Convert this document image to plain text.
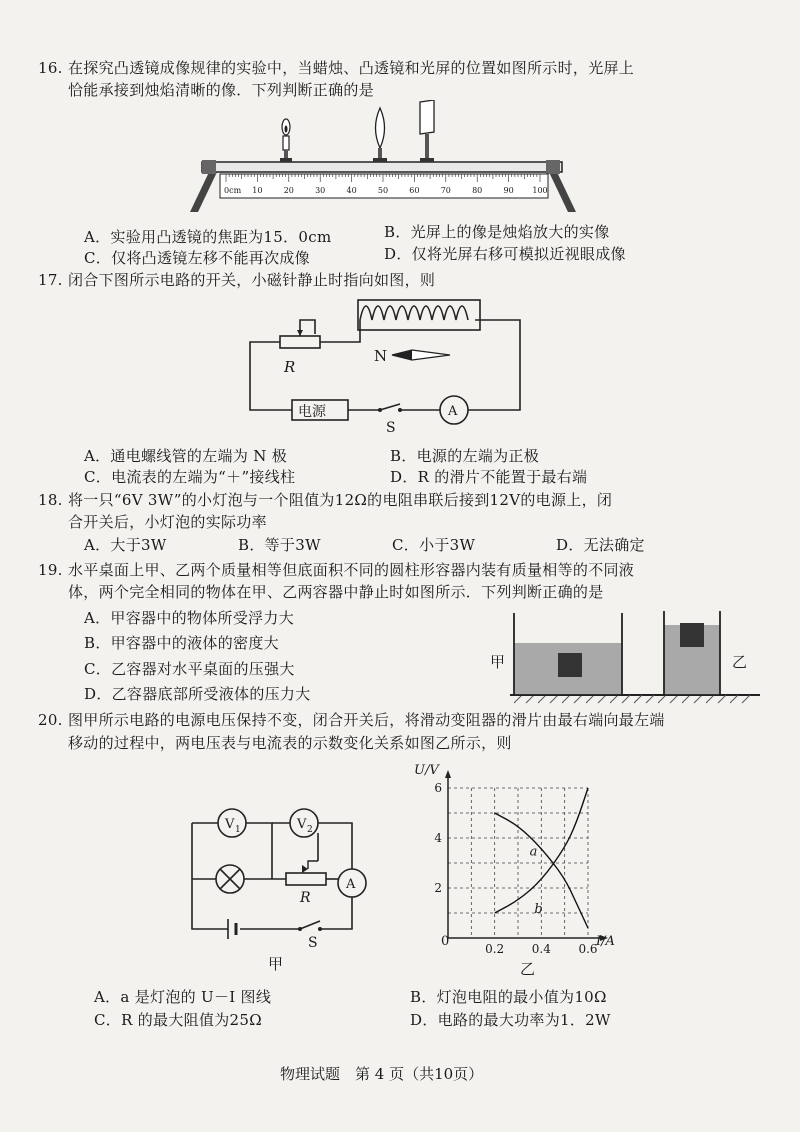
16. 在探究凸透镜成像规律的实验中，当蜡烛、凸透镜和光屏的位置如图所示时，光屏上
恰能承接到烛焰清晰的像．下列判断正确的是
0cm 10	20	30	40	50	60	70	80	90 100
A．实验用凸透镜的焦距为15．0cm	B．光屏上的像是烛焰放大的实像
C．仅将凸透镜左移不能再次成像	D．仅将光屏右移可模拟近视眼成像
17. 闭合下图所示电路的开关，小磁针静止时指向如图，则
R
N
电源
S
A
A．通电螺线管的左端为 N 极	B．电源的左端为正极
C．电流表的左端为“＋”接线柱	D．R 的滑片不能置于最右端
18. 将一只“6V 3W”的小灯泡与一个阻值为12Ω的电阻串联后接到12V的电源上，闭
合开关后，小灯泡的实际功率
A．大于3W	B．等于3W	C．小于3W	D．无法确定
19. 水平桌面上甲、乙两个质量相等但底面积不同的圆柱形容器内装有质量相等的不同液
体，两个完全相同的物体在甲、乙两容器中静止时如图所示．下列判断正确的是
A．甲容器中的物体所受浮力大
B．甲容器中的液体的密度大
C．乙容器对水平桌面的压强大
D．乙容器底部所受液体的压力大
甲	乙
20. 图甲所示电路的电源电压保持不变，闭合开关后，将滑动变阻器的滑片由最右端向最左端
移动的过程中，两电压表与电流表的示数变化关系如图乙所示，则
V 1	V 2
R
A
S
甲
0.2 0.4 0.6
2
4
6
a
b
U/V
I/A
0
乙
A．a 是灯泡的 U－I 图线	B．灯泡电阻的最小值为10Ω
C．R 的最大阻值为25Ω	D．电路的最大功率为1．2W
物理试题　第 4 页（共10页）
